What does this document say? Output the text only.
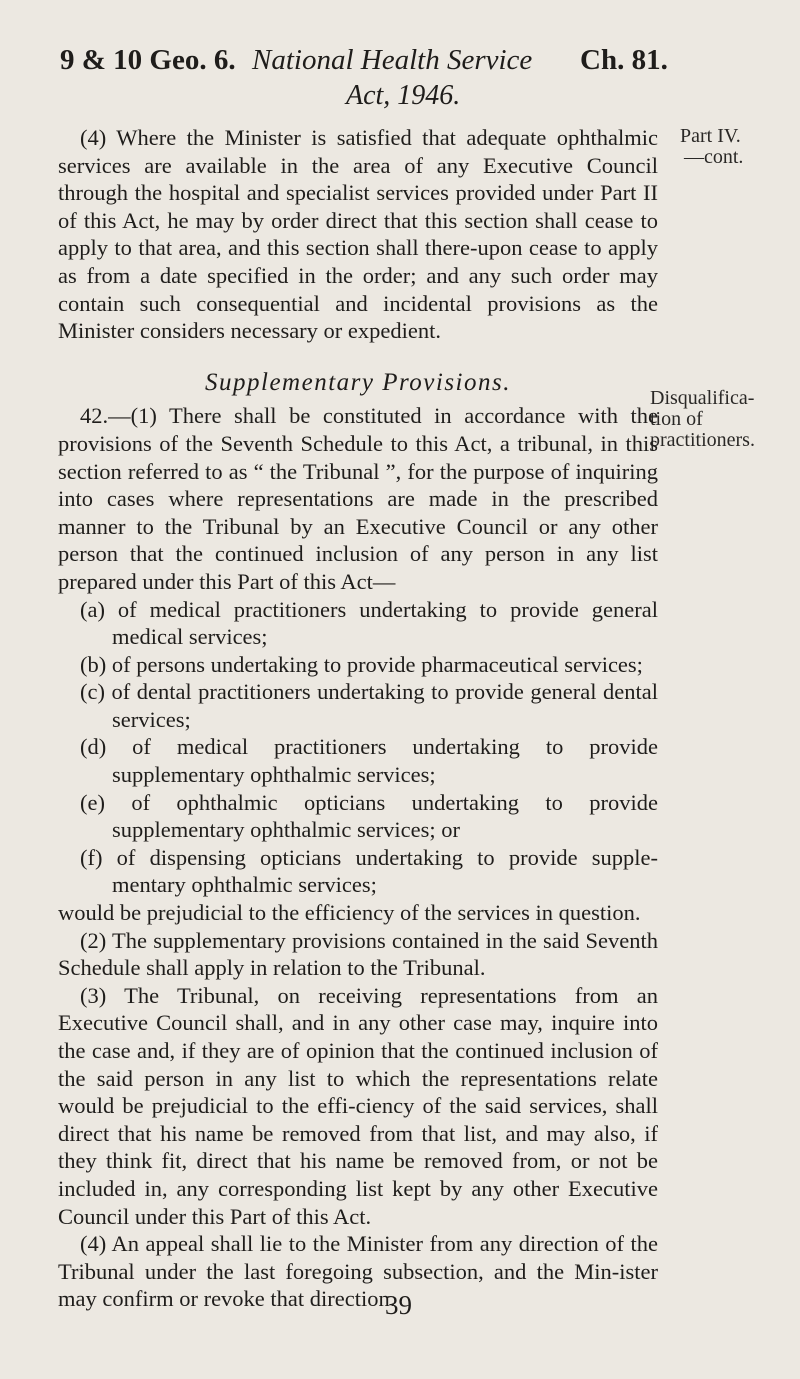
9 & 10 Geo. 6. National Health Service Ch. 81.
Act, 1946.
Part IV.
—cont.
Disqualifica-
tion of
practitioners.

(4) Where the Minister is satisfied that adequate ophthalmic services are available in the area of any Executive Council through the hospital and specialist services provided under Part II of this Act, he may by order direct that this section shall cease to apply to that area, and this section shall there-upon cease to apply as from a date specified in the order; and any such order may contain such consequential and incidental provisions as the Minister considers necessary or expedient.

Supplementary Provisions.

42.—(1) There shall be constituted in accordance with the provisions of the Seventh Schedule to this Act, a tribunal, in this section referred to as “ the Tribunal ”, for the purpose of inquiring into cases where representations are made in the prescribed manner to the Tribunal by an Executive Council or any other person that the continued inclusion of any person in any list prepared under this Part of this Act—

(a) of medical practitioners undertaking to provide general medical services;

(b) of persons undertaking to provide pharmaceutical services;

(c) of dental practitioners undertaking to provide general dental services;

(d) of medical practitioners undertaking to provide supplementary ophthalmic services;

(e) of ophthalmic opticians undertaking to provide supplementary ophthalmic services; or

(f) of dispensing opticians undertaking to provide supple-mentary ophthalmic services;

would be prejudicial to the efficiency of the services in question.

(2) The supplementary provisions contained in the said Seventh Schedule shall apply in relation to the Tribunal.

(3) The Tribunal, on receiving representations from an Executive Council shall, and in any other case may, inquire into the case and, if they are of opinion that the continued inclusion of the said person in any list to which the representations relate would be prejudicial to the effi-ciency of the said services, shall direct that his name be removed from that list, and may also, if they think fit, direct that his name be removed from, or not be included in, any corresponding list kept by any other Executive Council under this Part of this Act.

(4) An appeal shall lie to the Minister from any direction of the Tribunal under the last foregoing subsection, and the Min-ister may confirm or revoke that direction.

39
